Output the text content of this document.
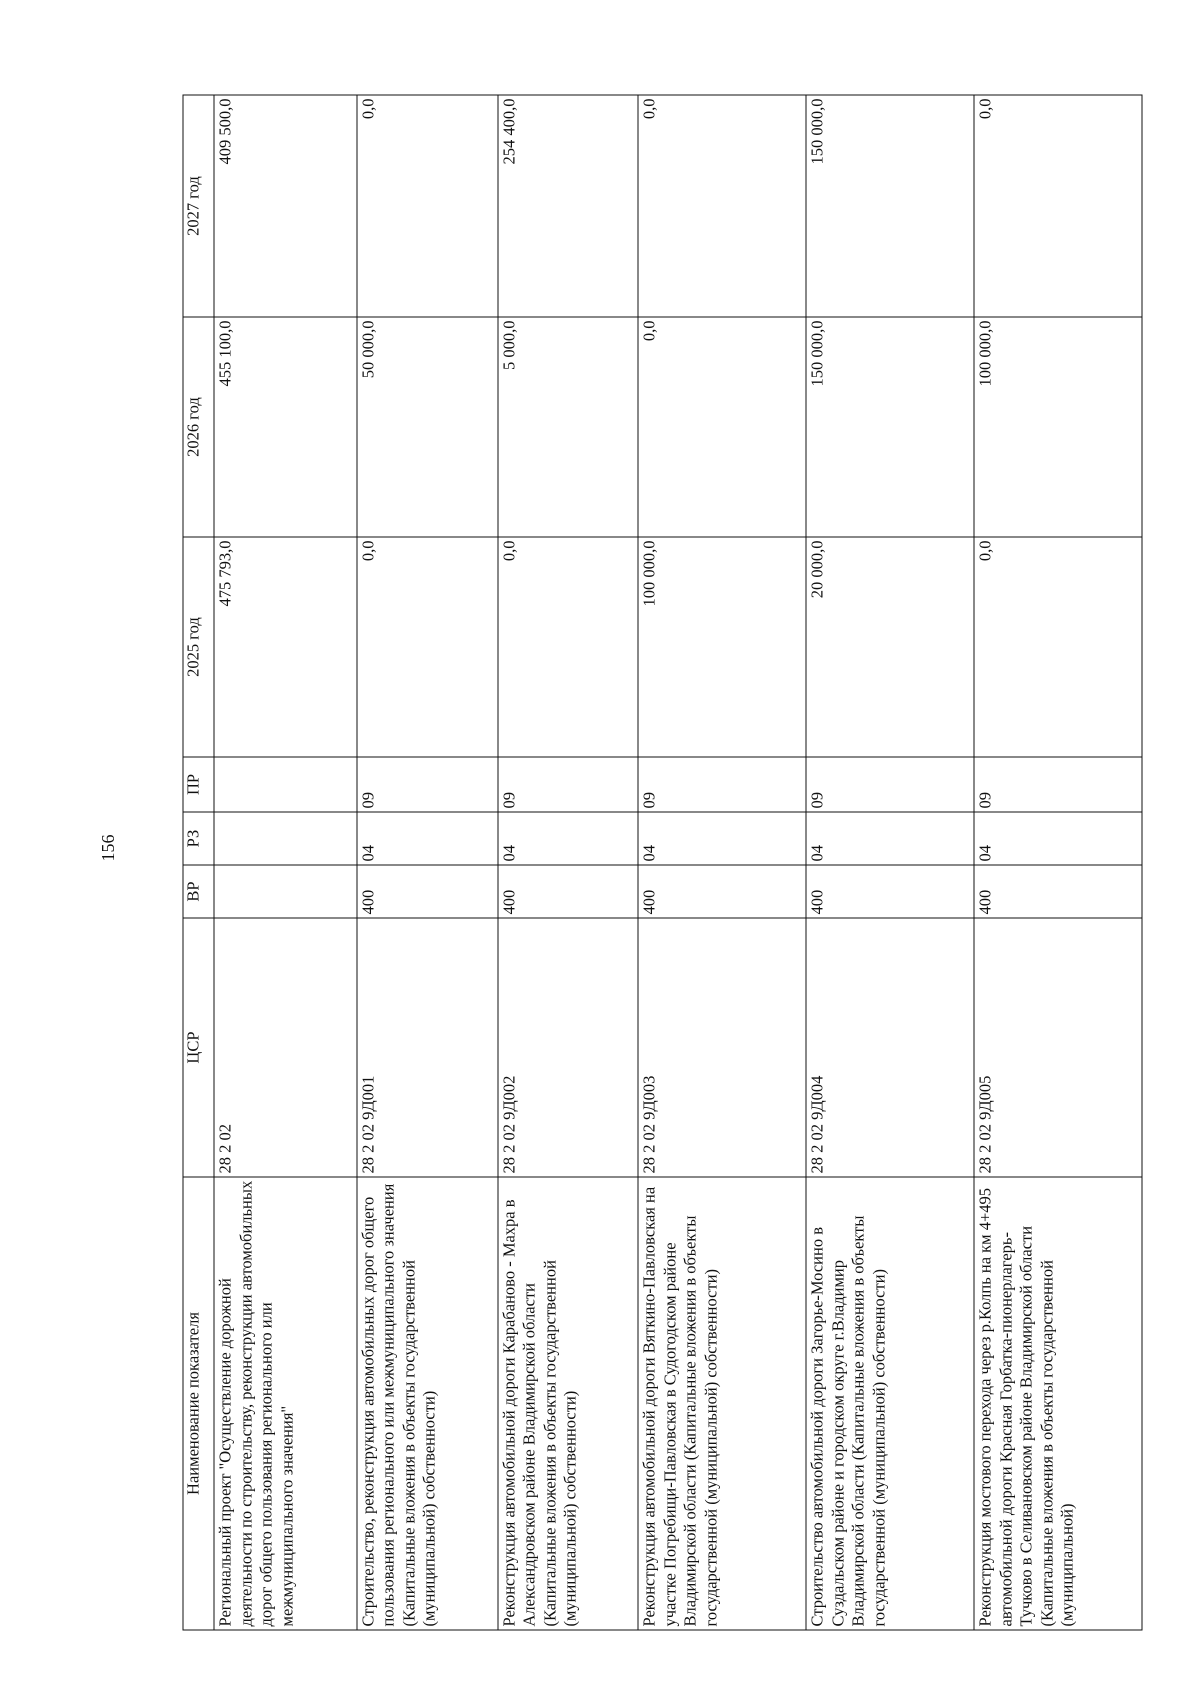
156
Наименование показателя	ЦСР	ВР	РЗ	ПР	2025 год	2026 год	2027 год
Региональный проект "Осуществление дорожной деятельности по строительству, реконструкции автомобильных дорог общего пользования регионального или межмуниципального значения"	28 2 02				475 793,0	455 100,0	409 500,0
Строительство, реконструкция автомобильных дорог общего пользования регионального или межмуниципального значения (Капитальные вложения в объекты государственной (муниципальной) собственности)	28 2 02 9Д001	400	04	09	0,0	50 000,0	0,0
Реконструкция автомобильной дороги Карабаново - Махра в Александровском районе Владимирской области (Капитальные вложения в объекты государственной (муниципальной) собственности)	28 2 02 9Д002	400	04	09	0,0	5 000,0	254 400,0
Реконструкция автомобильной дороги Вяткино-Павловская на участке Погребищи-Павловская в Судогодском районе Владимирской области (Капитальные вложения в объекты государственной (муниципальной) собственности)	28 2 02 9Д003	400	04	09	100 000,0	0,0	0,0
Строительство автомобильной дороги Загорье-Мосино в Суздальском районе и городском округе г.Владимир Владимирской области (Капитальные вложения в объекты государственной (муниципальной) собственности)	28 2 02 9Д004	400	04	09	20 000,0	150 000,0	150 000,0
Реконструкция мостового перехода через р.Колпь на км 4+495 автомобильной дороги Красная Горбатка-пионерлагерь-Тучково в Селивановском районе Владимирской области (Капитальные вложения в объекты государственной (муниципальной)	28 2 02 9Д005	400	04	09	0,0	100 000,0	0,0
